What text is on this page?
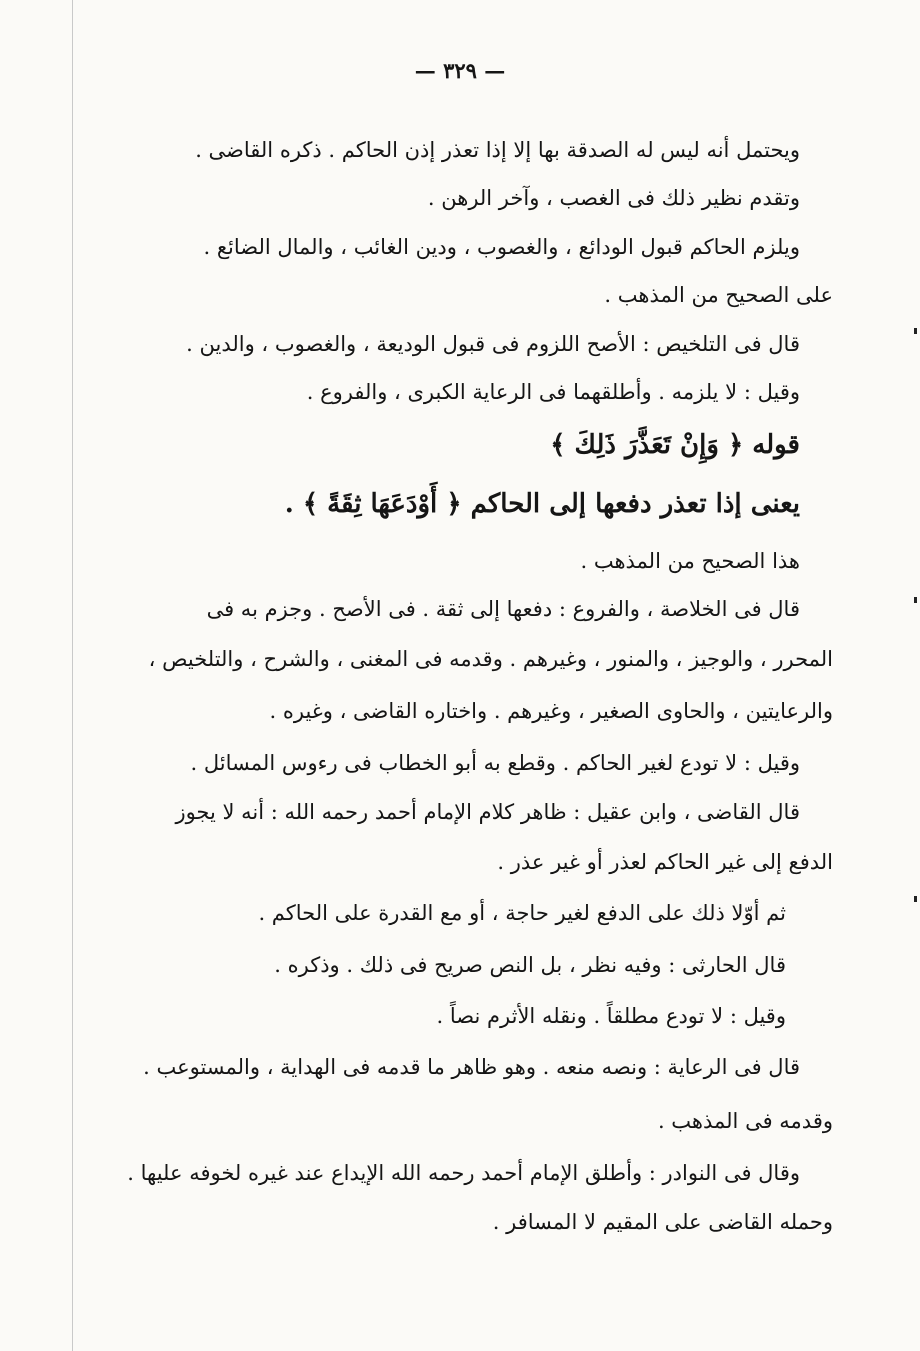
— ٣٢٩ —
ويحتمل أنه ليس له الصدقة بها إلا إذا تعذر إذن الحاكم . ذكره القاضى .
وتقدم نظير ذلك فى الغصب ، وآخر الرهن .
ويلزم الحاكم قبول الودائع ، والغصوب ، ودين الغائب ، والمال الضائع .
على الصحيح من المذهب .
قال فى التلخيص : الأصح اللزوم فى قبول الوديعة ، والغصوب ، والدين .
وقيل : لا يلزمه . وأطلقهما فى الرعاية الكبرى ، والفروع .
قوله ﴿ وَإِنْ تَعَذَّرَ ذَلِكَ ﴾
يعنى إذا تعذر دفعها إلى الحاكم ﴿ أَوْدَعَهَا ثِقَةً ﴾ .
هذا الصحيح من المذهب .
قال فى الخلاصة ، والفروع : دفعها إلى ثقة . فى الأصح . وجزم به فى
المحرر ، والوجيز ، والمنور ، وغيرهم . وقدمه فى المغنى ، والشرح ، والتلخيص ،
والرعايتين ، والحاوى الصغير ، وغيرهم . واختاره القاضى ، وغيره .
وقيل : لا تودع لغير الحاكم . وقطع به أبو الخطاب فى رءوس المسائل .
قال القاضى ، وابن عقيل : ظاهر كلام الإمام أحمد رحمه الله : أنه لا يجوز
الدفع إلى غير الحاكم لعذر أو غير عذر .
ثم أوّلا ذلك على الدفع لغير حاجة ، أو مع القدرة على الحاكم .
قال الحارثى : وفيه نظر ، بل النص صريح فى ذلك . وذكره .
وقيل : لا تودع مطلقاً . ونقله الأثرم نصاً .
قال فى الرعاية : ونصه منعه . وهو ظاهر ما قدمه فى الهداية ، والمستوعب .
وقدمه فى المذهب .
وقال فى النوادر : وأطلق الإمام أحمد رحمه الله الإيداع عند غيره لخوفه عليها .
وحمله القاضى على المقيم لا المسافر .
